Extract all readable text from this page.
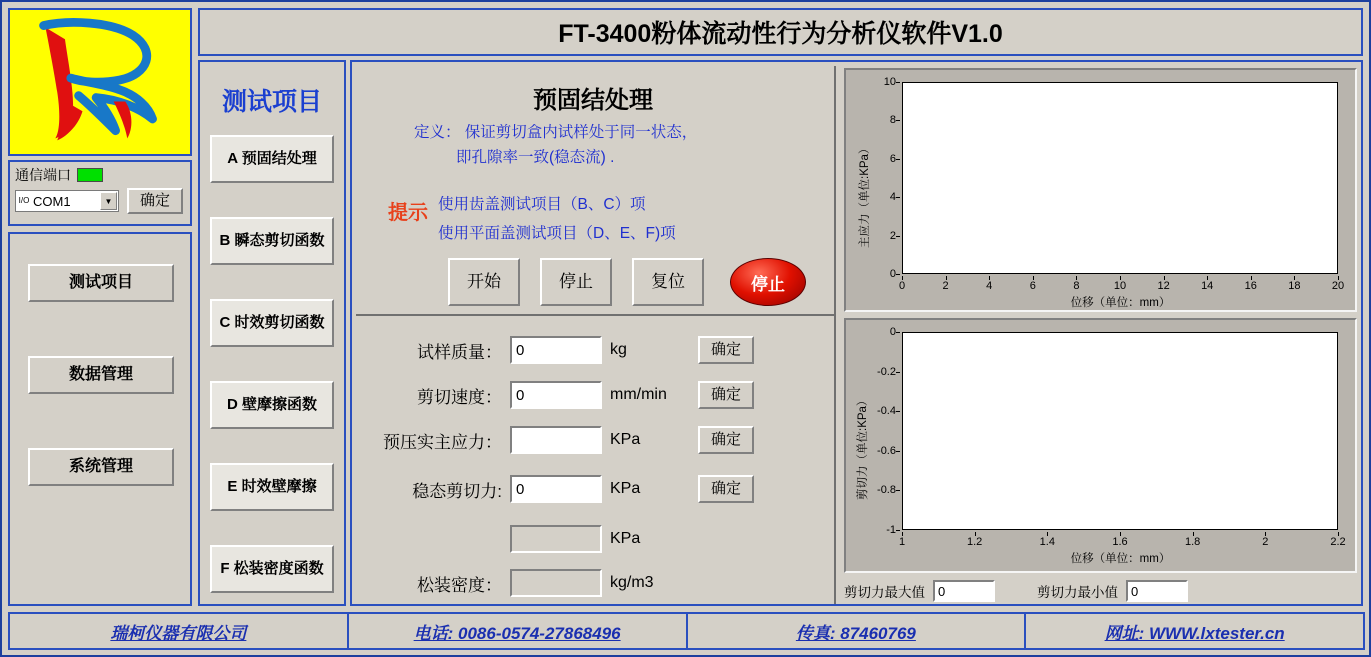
通信端口
I/O COM1	▼	确定
测试项目
数据管理
系统管理
FT-3400粉体流动性行为分析仪软件V1.0
测试项目
A 预固结处理
B 瞬态剪切函数
C 时效剪切函数
D 壁摩擦函数
E 时效壁摩擦
F 松装密度函数
预固结处理
定义： 保证剪切盒内试样处于同一状态，
即孔隙率一致(稳态流) .
提示 使用齿盖测试项目（B、C）项
使用平面盖测试项目（D、E、F)项
开始	停止	复位	停止
试样质量：
0	kg	确定
剪切速度：
0	mm/min	确定
预压实主应力：	KPa	确定
稳态剪切力:
0	KPa	确定
KPa
松装密度：	kg/m3
主应力（单位:KPa）
位移（单位：mm）
10
8
6
4
2
0
0	2	4	6	8	10	12	14	16	18	20
剪切力（单位:KPa）
位移（单位：mm）
0
-0.2
-0.4
-0.6
-0.8
-1
1	1.2	1.4	1.6	1.8	2	2.2
剪切力最大值
0	剪切力最小值
0
瑞柯仪器有限公司	电话: 0086-0574-27868496	传真: 87460769	网址: WWW.lxtester.cn
